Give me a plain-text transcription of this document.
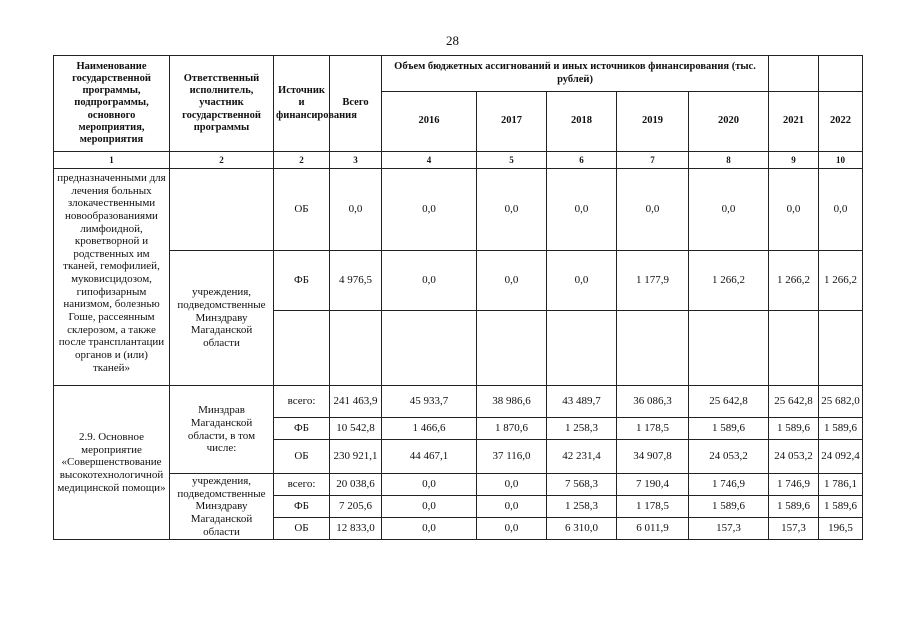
28
Наименование государственной программы, подпрограммы, основного мероприятия, мероприятия	Ответственный исполнитель, участник государственной программы	Источник и финансирования	Всего	Объем бюджетных ассигнований и иных источников финансирования (тыс. рублей)						
				2016	2017	2018	2019	2020	2021	2022
1	2	2	3	4	5	6	7	8	9	10
предназначенными для лечения больных злокачественными новообразованиями лимфоидной, кроветворной и родственных им тканей, гемофилией, муковисцидозом, гипофизарным нанизмом, болезнью Гоше, рассеянным склерозом, а также после трансплантации органов и (или) тканей»		ОБ	0,0	0,0	0,0	0,0	0,0	0,0	0,0	0,0
	учреждения, подведомственные Минздраву Магаданской области	ФБ	4 976,5	0,0	0,0	0,0	1 177,9	1 266,2	1 266,2	1 266,2

2.9. Основное мероприятие «Совершенствование высокотехнологичной медицинской помощи»	Минздрав Магаданской области, в том числе:	всего:	241 463,9	45 933,7	38 986,6	43 489,7	36 086,3	25 642,8	25 642,8	25 682,0
		ФБ	10 542,8	1 466,6	1 870,6	1 258,3	1 178,5	1 589,6	1 589,6	1 589,6
		ОБ	230 921,1	44 467,1	37 116,0	42 231,4	34 907,8	24 053,2	24 053,2	24 092,4
	учреждения, подведомственные Минздраву Магаданской области	всего:	20 038,6	0,0	0,0	7 568,3	7 190,4	1 746,9	1 746,9	1 786,1
		ФБ	7 205,6	0,0	0,0	1 258,3	1 178,5	1 589,6	1 589,6	1 589,6
		ОБ	12 833,0	0,0	0,0	6 310,0	6 011,9	157,3	157,3	196,5
